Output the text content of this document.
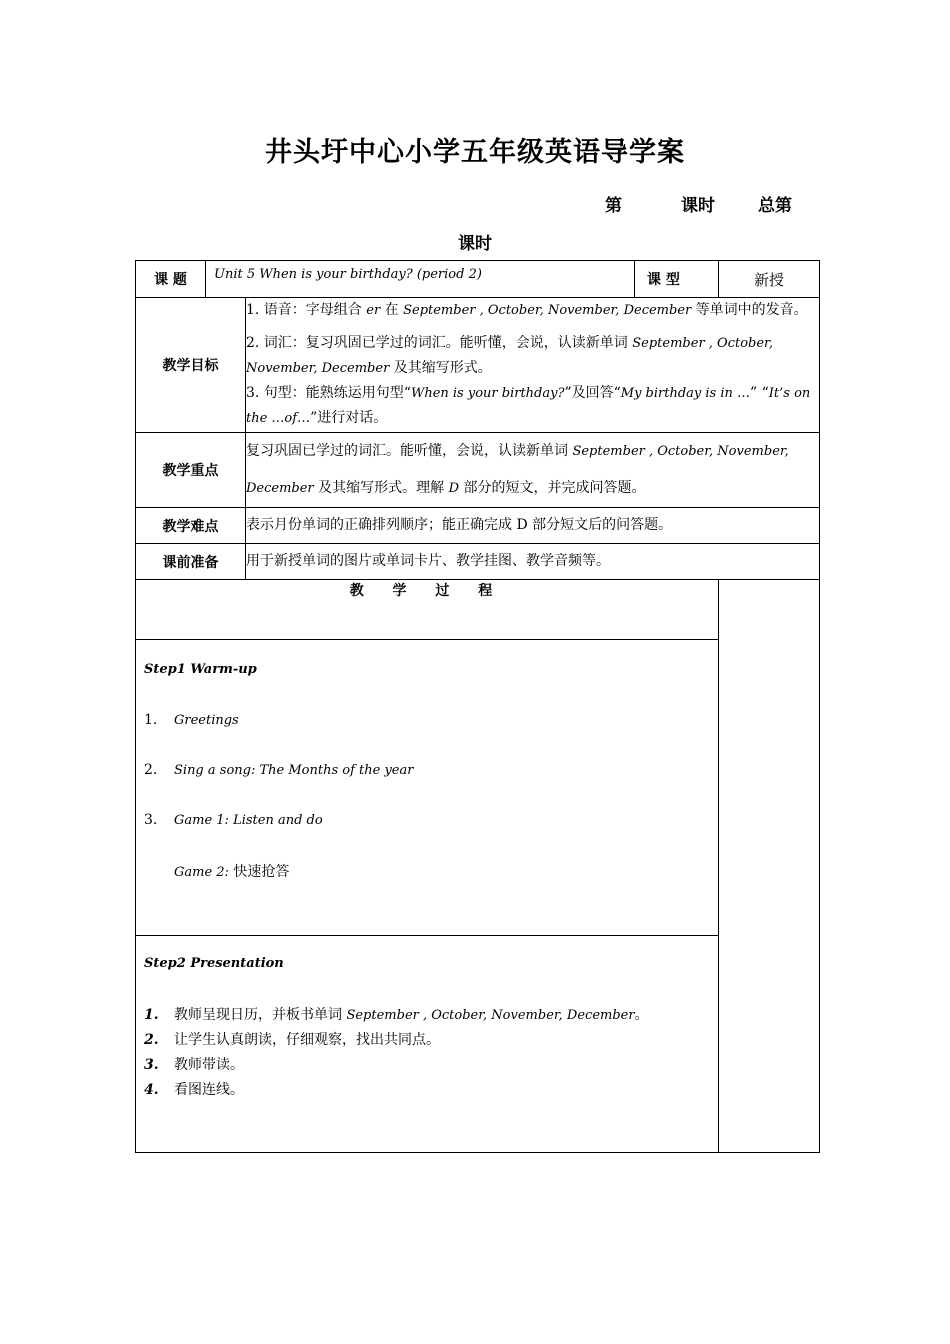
井头圩中心小学五年级英语导学案
第	课时	总第
课时
课 题	Unit 5 When is your birthday? (period 2)		课 型	新授
教学目标		1. 语音：字母组合 er 在 September , October, November, December 等单词中的发音。
2. 词汇：复习巩固已学过的词汇。能听懂，会说，认读新单词 September , October, November, December 及其缩写形式。
3. 句型：能熟练运用句型“When is your birthday?”及回答“My birthday is in …” “It’s on the …of…”进行对话。		

教学重点		复习巩固已学过的词汇。能听懂，会说，认读新单词 September , October, November, December 及其缩写形式。理解 D 部分的短文，并完成问答题。		
教学难点		表示月份单词的正确排列顺序；能正确完成 D 部分短文后的问答题。		
课前准备		用于新授单词的图片或单词卡片、教学挂图、教学音频等。		
教 学 过 程				

Step1 Warm-up
1. Greetings
2. Sing a song: The Months of the year
3. Game 1: Listen and do
Game 2: 快速抢答				

Step2 Presentation
1. 教师呈现日历，并板书单词 September , October, November, December。
2. 让学生认真朗读，仔细观察，找出共同点。
3. 教师带读。
4. 看图连线。				
